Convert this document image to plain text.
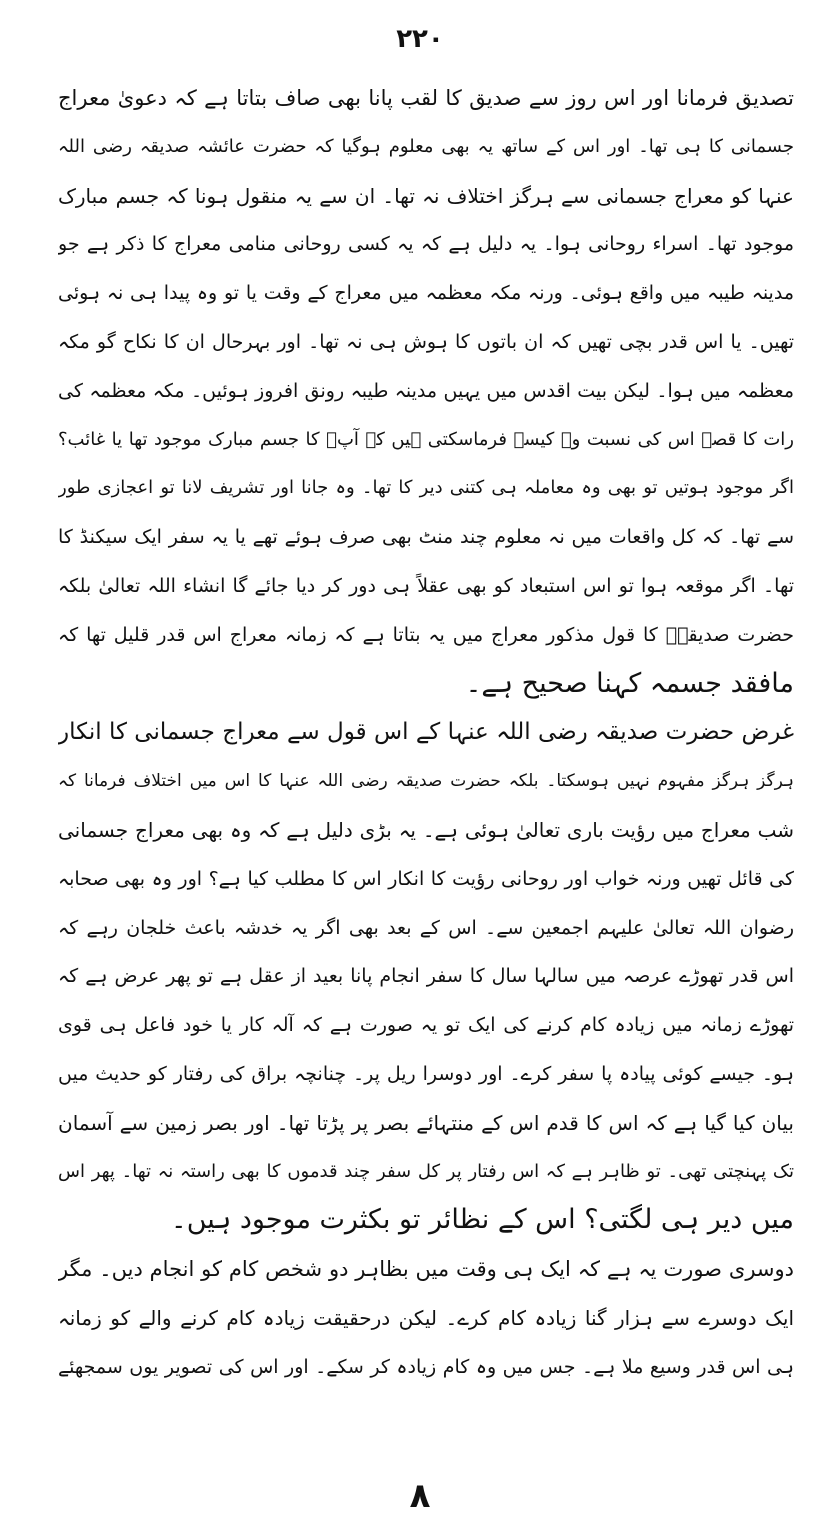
۲۲۰
تصدیق فرمانا اور اس روز سے صدیق کا لقب پانا بھی صاف بتاتا ہے کہ دعویٰ معراج
جسمانی کا ہی تھا۔ اور اس کے ساتھ یہ بھی معلوم ہوگیا کہ حضرت عائشہ صدیقہ رضی اللہ
عنہا کو معراج جسمانی سے ہرگز اختلاف نہ تھا۔ ان سے یہ منقول ہونا کہ جسم مبارک
موجود تھا۔ اسراء روحانی ہوا۔ یہ دلیل ہے کہ یہ کسی روحانی منامی معراج کا ذکر ہے جو
مدینہ طیبہ میں واقع ہوئی۔ ورنہ مکہ معظمہ میں معراج کے وقت یا تو وہ پیدا ہی نہ ہوئی
تھیں۔ یا اس قدر بچی تھیں کہ ان باتوں کا ہوش ہی نہ تھا۔ اور بہرحال ان کا نکاح گو مکہ
معظمہ میں ہوا۔ لیکن بیت اقدس میں یہیں مدینہ طیبہ رونق افروز ہوئیں۔ مکہ معظمہ کی
رات کا قصہ اس کی نسبت وہ کیسے فرماسکتی ہیں کہ آپؐ کا جسم مبارک موجود تھا یا غائب؟
اگر موجود ہوتیں تو بھی وہ معاملہ ہی کتنی دیر کا تھا۔ وہ جانا اور تشریف لانا تو اعجازی طور
سے تھا۔ کہ کل واقعات میں نہ معلوم چند منٹ بھی صرف ہوئے تھے یا یہ سفر ایک سیکنڈ کا
تھا۔ اگر موقعہ ہوا تو اس استبعاد کو بھی عقلاً ہی دور کر دیا جائے گا انشاء اللہ تعالیٰ بلکہ
حضرت صدیقہؓ کا قول مذکور معراج میں یہ بتاتا ہے کہ زمانہ معراج اس قدر قلیل تھا کہ
مافقد جسمہ کہنا صحیح ہے۔
غرض حضرت صدیقہ رضی اللہ عنہا کے اس قول سے معراج جسمانی کا انکار
ہرگز ہرگز مفہوم نہیں ہوسکتا۔ بلکہ حضرت صدیقہ رضی اللہ عنہا کا اس میں اختلاف فرمانا کہ
شب معراج میں رؤیت باری تعالیٰ ہوئی ہے۔ یہ بڑی دلیل ہے کہ وہ بھی معراج جسمانی
کی قائل تھیں ورنہ خواب اور روحانی رؤیت کا انکار اس کا مطلب کیا ہے؟ اور وہ بھی صحابہ
رضوان اللہ تعالیٰ علیہم اجمعین سے۔ اس کے بعد بھی اگر یہ خدشہ باعث خلجان رہے کہ
اس قدر تھوڑے عرصہ میں سالہا سال کا سفر انجام پانا بعید از عقل ہے تو پھر عرض ہے کہ
تھوڑے زمانہ میں زیادہ کام کرنے کی ایک تو یہ صورت ہے کہ آلہ کار یا خود فاعل ہی قوی
ہو۔ جیسے کوئی پیادہ پا سفر کرے۔ اور دوسرا ریل پر۔ چنانچہ براق کی رفتار کو حدیث میں
بیان کیا گیا ہے کہ اس کا قدم اس کے منتہائے بصر پر پڑتا تھا۔ اور بصر زمین سے آسمان
تک پہنچتی تھی۔ تو ظاہر ہے کہ اس رفتار پر کل سفر چند قدموں کا بھی راستہ نہ تھا۔ پھر اس
میں دیر ہی لگتی؟ اس کے نظائر تو بکثرت موجود ہیں۔
دوسری صورت یہ ہے کہ ایک ہی وقت میں بظاہر دو شخص کام کو انجام دیں۔ مگر
ایک دوسرے سے ہزار گنا زیادہ کام کرے۔ لیکن درحقیقت زیادہ کام کرنے والے کو زمانہ
ہی اس قدر وسیع ملا ہے۔ جس میں وہ کام زیادہ کر سکے۔ اور اس کی تصویر یوں سمجھئے
۸
